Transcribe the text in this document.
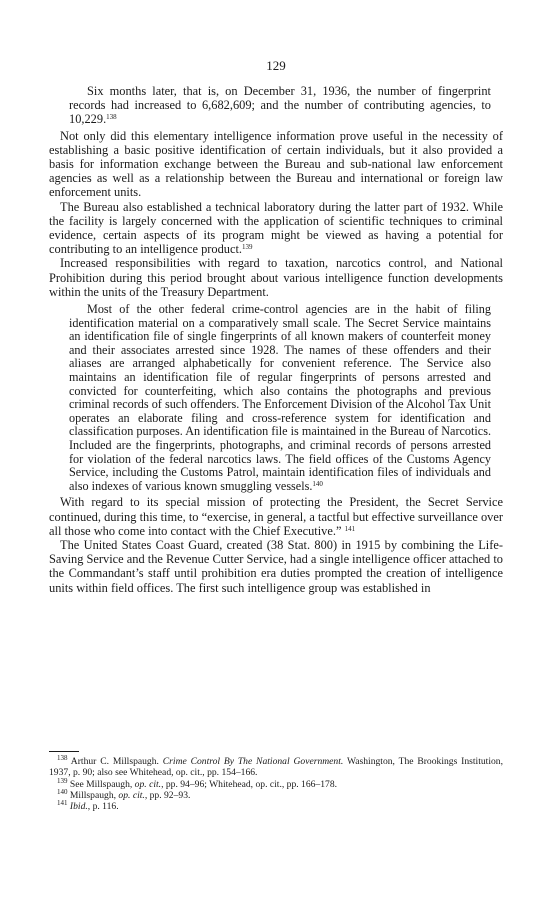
129

Six months later, that is, on December 31, 1936, the number of fingerprint records had increased to 6,682,609; and the number of contributing agencies, to 10,229.$^{138}$

Not only did this elementary intelligence information prove useful in the necessity of establishing a basic positive identification of certain individuals, but it also provided a basis for information exchange between the Bureau and sub-national law enforcement agencies as well as a relationship between the Bureau and international or foreign law enforcement units.

The Bureau also established a technical laboratory during the latter part of 1932. While the facility is largely concerned with the application of scientific techniques to criminal evidence, certain aspects of its program might be viewed as having a potential for contributing to an intelligence product.$^{139}$

Increased responsibilities with regard to taxation, narcotics control, and National Prohibition during this period brought about various intelligence function developments within the units of the Treasury Department.

Most of the other federal crime-control agencies are in the habit of filing identification material on a comparatively small scale. The Secret Service maintains an identification file of single fingerprints of all known makers of counterfeit money and their associates arrested since 1928. The names of these offenders and their aliases are arranged alphabetically for convenient reference. The Service also maintains an identification file of regular fingerprints of persons arrested and convicted for counterfeiting, which also contains the photographs and previous criminal records of such offenders. The Enforcement Division of the Alcohol Tax Unit operates an elaborate filing and cross-reference system for identification and classification purposes. An identification file is maintained in the Bureau of Narcotics. Included are the fingerprints, photographs, and criminal records of persons arrested for violation of the federal narcotics laws. The field offices of the Customs Agency Service, including the Customs Patrol, maintain identification files of individuals and also indexes of various known smuggling vessels.$^{140}$

With regard to its special mission of protecting the President, the Secret Service continued, during this time, to “exercise, in general, a tactful but effective surveillance over all those who come into contact with the Chief Executive.” $^{141}$

The United States Coast Guard, created (38 Stat. 800) in 1915 by combining the Life-Saving Service and the Revenue Cutter Service, had a single intelligence officer attached to the Commandant’s staff until prohibition era duties prompted the creation of intelligence units within field offices. The first such intelligence group was established in

$^{138}$ Arthur C. Millspaugh. Crime Control By The National Government. Washington, The Brookings Institution, 1937, p. 90; also see Whitehead, op. cit., pp. 154–166.

$^{139}$ See Millspaugh, op. cit., pp. 94–96; Whitehead, op. cit., pp. 166–178.

$^{140}$ Millspaugh, op. cit., pp. 92–93.

$^{141}$ Ibid., p. 116.
